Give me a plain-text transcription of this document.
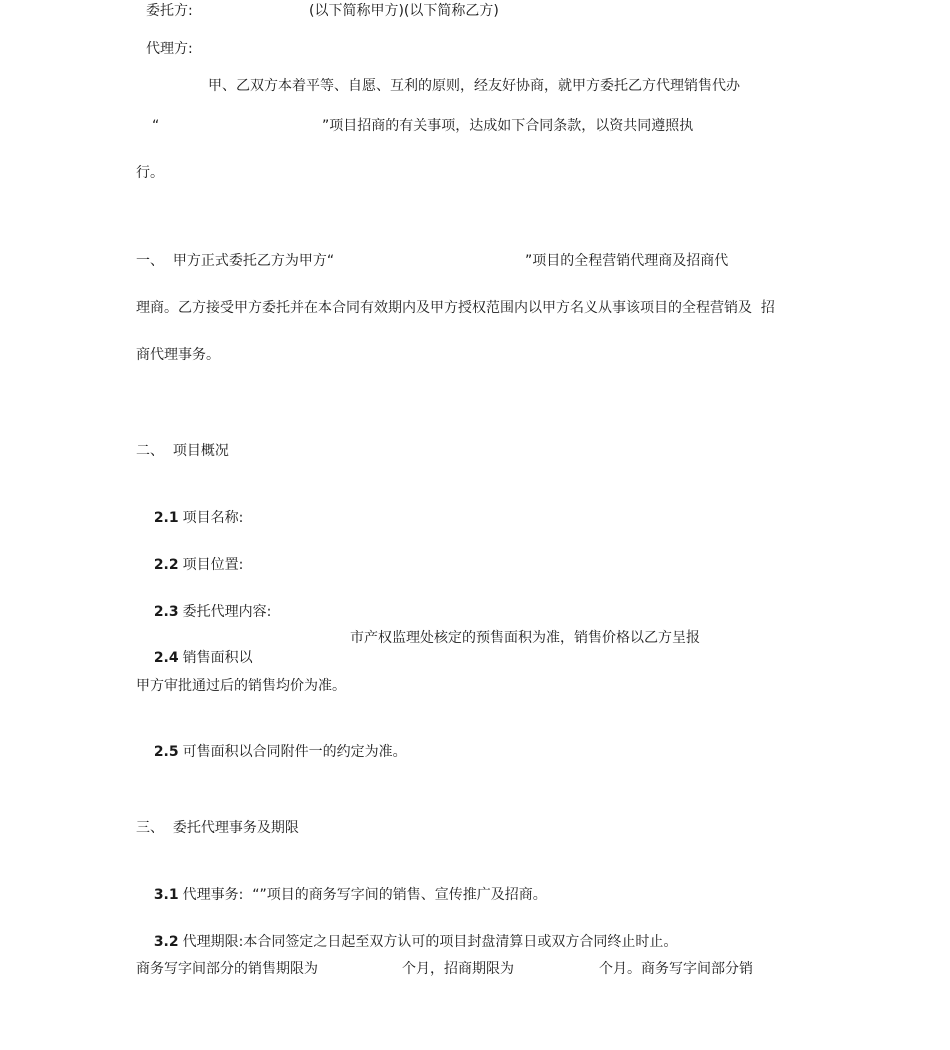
委托方:	(以下简称甲方)(以下简称乙方)
代理方:
甲、乙双方本着平等、自愿、互利的原则，经友好协商，就甲方委托乙方代理销售代办
“	”项目招商的有关事项，达成如下合同条款，以资共同遵照执
行。
一、  甲方正式委托乙方为甲方“	”项目的全程营销代理商及招商代
理商。乙方接受甲方委托并在本合同有效期内及甲方授权范围内以甲方名义从事该项目的全程营销及  招
商代理事务。
二、  项目概况

2.1 项目名称:

2.2 项目位置:

2.3 委托代理内容:

2.4 销售面积以

市产权监理处核定的预售面积为准，销售价格以乙方呈报
甲方审批通过后的销售均价为准。

2.5 可售面积以合同附件一的约定为准。

三、  委托代理事务及期限

3.1 代理事务:  “”项目的商务写字间的销售、宣传推广及招商。

3.2 代理期限:本合同签定之日起至双方认可的项目封盘清算日或双方合同终止时止。

商务写字间部分的销售期限为	个月，招商期限为	个月。商务写字间部分销
